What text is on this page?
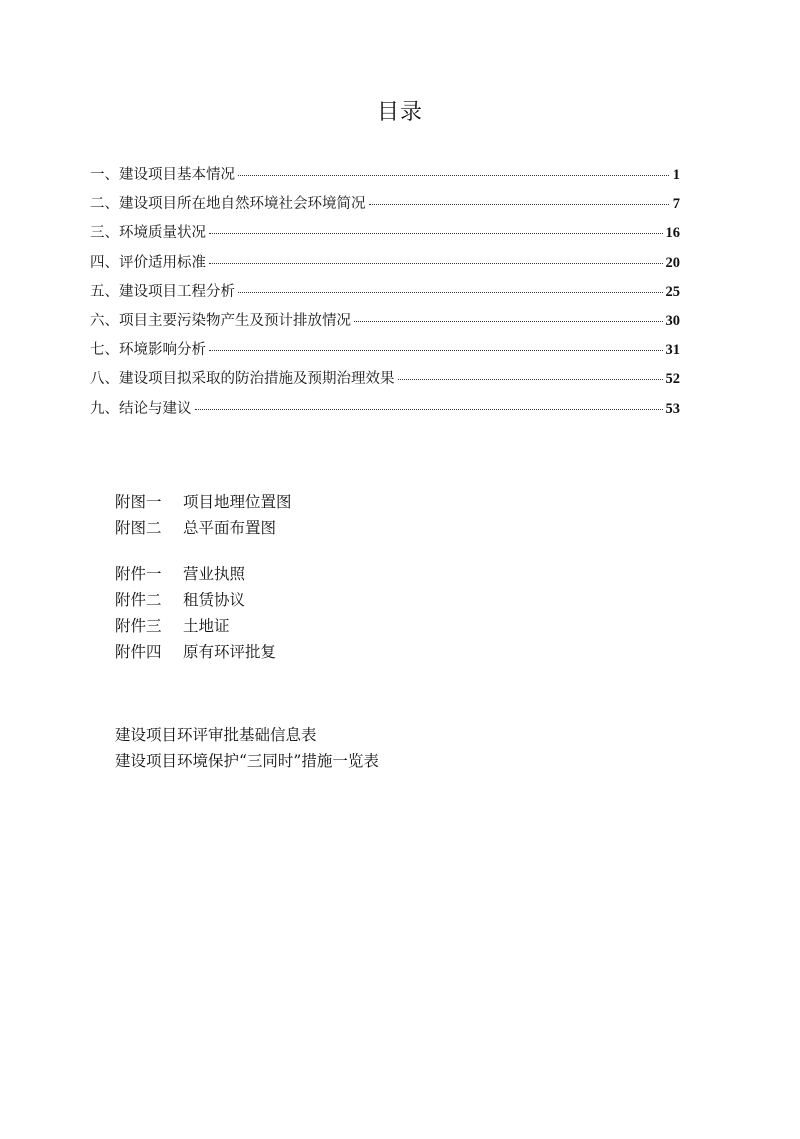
目录
一、建设项目基本情况	1
二、建设项目所在地自然环境社会环境简况	7
三、环境质量状况	16
四、评价适用标准	20
五、建设项目工程分析	25
六、项目主要污染物产生及预计排放情况	30
七、环境影响分析	31
八、建设项目拟采取的防治措施及预期治理效果	52
九、结论与建议	53
附图一 项目地理位置图
附图二 总平面布置图
附件一 营业执照
附件二 租赁协议
附件三 土地证
附件四 原有环评批复
建设项目环评审批基础信息表
建设项目环境保护“三同时”措施一览表
